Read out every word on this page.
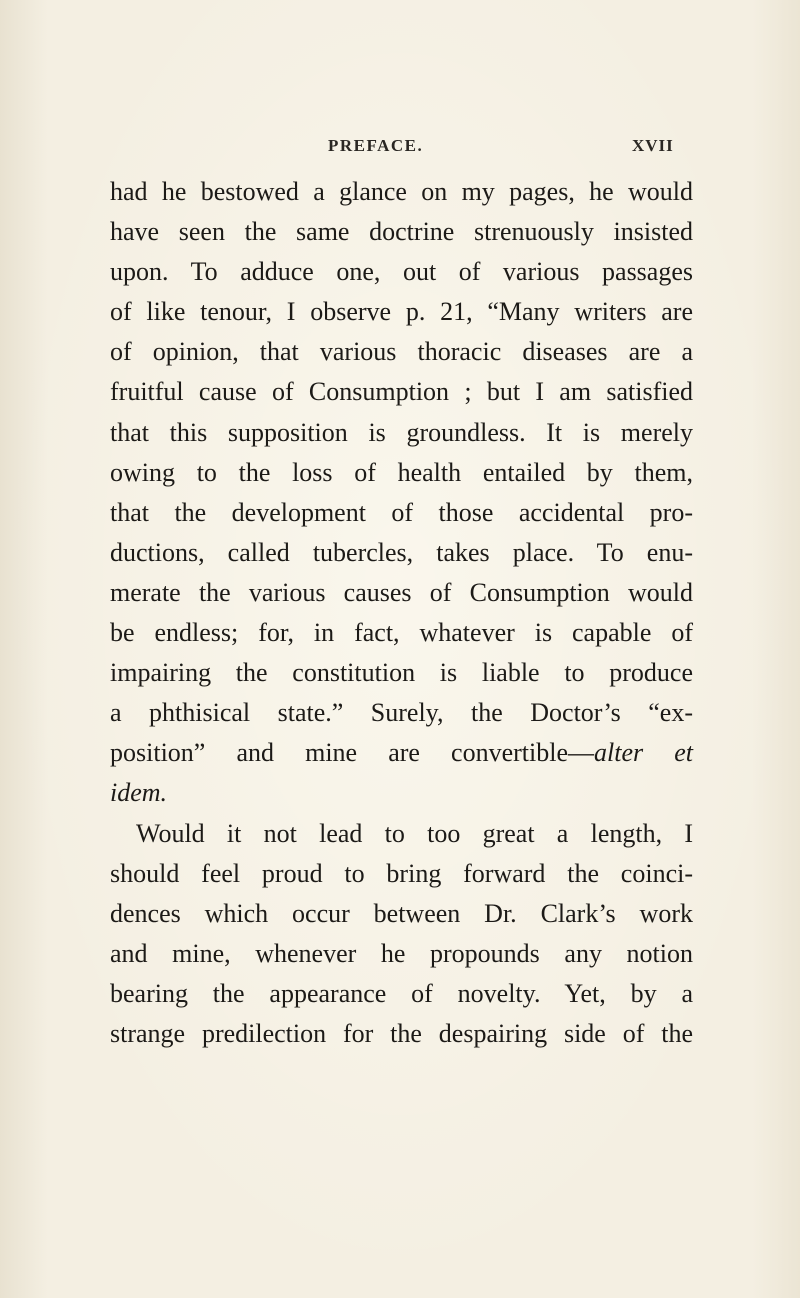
PREFACE.	XVII
had he bestowed a glance on my pages, he would
have seen the same doctrine strenuously insisted
upon. To adduce one, out of various passages
of like tenour, I observe p. 21, “Many writers are
of opinion, that various thoracic diseases are a
fruitful cause of Consumption ; but I am satisfied
that this supposition is groundless. It is merely
owing to the loss of health entailed by them,
that the development of those accidental pro-
ductions, called tubercles, takes place. To enu-
merate the various causes of Consumption would
be endless; for, in fact, whatever is capable of
impairing the constitution is liable to produce
a phthisical state.” Surely, the Doctor’s “ex-
position” and mine are convertible—alter et
idem.
Would it not lead to too great a length, I
should feel proud to bring forward the coinci-
dences which occur between Dr. Clark’s work
and mine, whenever he propounds any notion
bearing the appearance of novelty. Yet, by a
strange predilection for the despairing side of the
